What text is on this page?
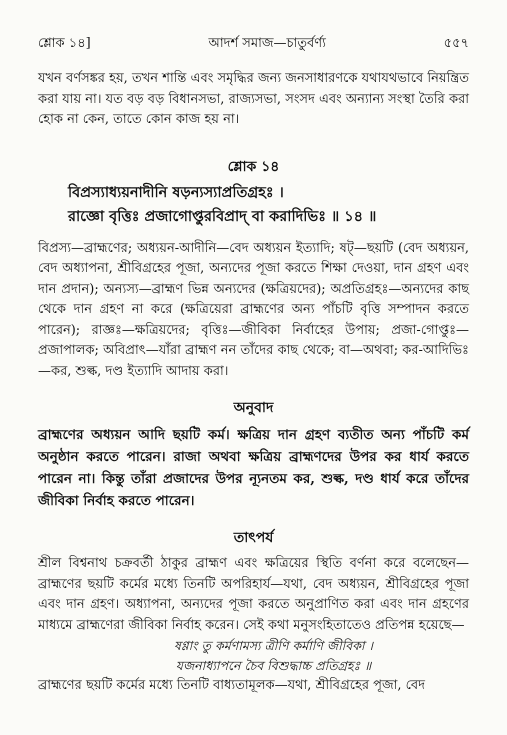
শ্লোক ১৪]	আদর্শ সমাজ—চাতুর্বর্ণ্য	৫৫৭

যখন বর্ণসঙ্কর হয়, তখন শান্তি এবং সমৃদ্ধির জন্য জনসাধারণকে যথাযথভাবে নিয়ন্ত্রিত করা যায় না। যত বড় বড় বিধানসভা, রাজ্যসভা, সংসদ এবং অন্যান্য সংস্থা তৈরি করা হোক না কেন, তাতে কোন কাজ হয় না।

শ্লোক ১৪
বিপ্রস্যাধ্যয়নাদীনি ষড়ন্যস্যাপ্রতিগ্রহঃ ।
রাজ্ঞো বৃত্তিঃ প্রজাগোপ্তুরবিপ্রাদ্ বা করাদিভিঃ ॥ ১৪ ॥

বিপ্রস্য—ব্রাহ্মণের; অধ্যয়ন-আদীনি—বেদ অধ্যয়ন ইত্যাদি; ষট্—ছয়টি (বেদ অধ্যয়ন, বেদ অধ্যাপনা, শ্রীবিগ্রহের পূজা, অন্যদের পূজা করতে শিক্ষা দেওয়া, দান গ্রহণ এবং দান প্রদান); অন্যস্য—ব্রাহ্মণ ভিন্ন অন্যদের (ক্ষত্রিয়দের); অপ্রতিগ্রহঃ—অন্যদের কাছ থেকে দান গ্রহণ না করে (ক্ষত্রিয়েরা ব্রাহ্মণের অন্য পাঁচটি বৃত্তি সম্পাদন করতে পারেন); রাজ্ঞঃ—ক্ষত্রিয়দের; বৃত্তিঃ—জীবিকা নির্বাহের উপায়; প্রজা-গোপ্তুঃ—প্রজাপালক; অবিপ্রাৎ—যাঁরা ব্রাহ্মণ নন তাঁদের কাছ থেকে; বা—অথবা; কর-আদিভিঃ—কর, শুল্ক, দণ্ড ইত্যাদি আদায় করা।

অনুবাদ

ব্রাহ্মণের অধ্যয়ন আদি ছয়টি কর্ম। ক্ষত্রিয় দান গ্রহণ ব্যতীত অন্য পাঁচটি কর্ম অনুষ্ঠান করতে পারেন। রাজা অথবা ক্ষত্রিয় ব্রাহ্মণদের উপর কর ধার্য করতে পারেন না। কিন্তু তাঁরা প্রজাদের উপর ন্যূনতম কর, শুল্ক, দণ্ড ধার্য করে তাঁদের জীবিকা নির্বাহ করতে পারেন।

তাৎপর্য

শ্রীল বিশ্বনাথ চক্রবর্তী ঠাকুর ব্রাহ্মণ এবং ক্ষত্রিয়ের স্থিতি বর্ণনা করে বলেছেন—ব্রাহ্মণের ছয়টি কর্মের মধ্যে তিনটি অপরিহার্য—যথা, বেদ অধ্যয়ন, শ্রীবিগ্রহের পূজা এবং দান গ্রহণ। অধ্যাপনা, অন্যদের পূজা করতে অনুপ্রাণিত করা এবং দান গ্রহণের মাধ্যমে ব্রাহ্মণেরা জীবিকা নির্বাহ করেন। সেই কথা মনুসংহিতাতেও প্রতিপন্ন হয়েছে—

ষণ্ণাং তু কর্মণামস্য ত্রীণি কর্মাণি জীবিকা ।
যজনাধ্যাপনে চৈব বিশুদ্ধাচ্চ প্রতিগ্রহঃ ॥

ব্রাহ্মণের ছয়টি কর্মের মধ্যে তিনটি বাধ্যতামূলক—যথা, শ্রীবিগ্রহের পূজা, বেদ
